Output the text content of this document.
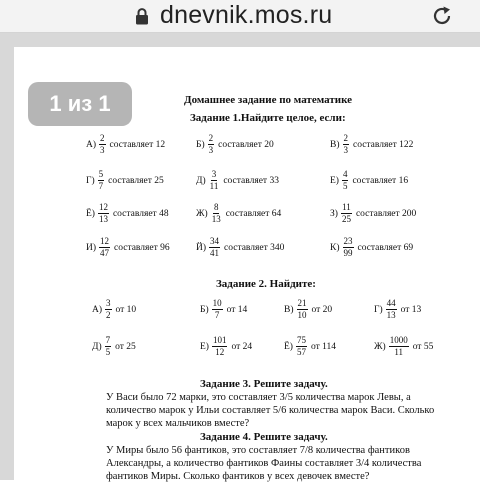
dnevnik.mos.ru
Домашнее задание по математике
Задание 1.Найдите целое, если:
$А) \frac{2}{3}$ составляет 12	$Б) \frac{2}{3}$ составляет 20	$В) \frac{2}{3}$ составляет 122
$Г) \frac{5}{7}$ составляет 25	$Д) \frac{3}{11}$ составляет 33	$Е) \frac{4}{5}$ составляет 16
$Ё) \frac{12}{13}$ составляет 48	$Ж) \frac{8}{13}$ составляет 64	$З) \frac{11}{25}$ составляет 200
$И) \frac{12}{47}$ составляет 96	$Й) \frac{34}{41}$ составляет 340	$К) \frac{23}{99}$ составляет 69
Задание 2. Найдите:
$А) \frac{3}{2}$ от 10	$Б) \frac{10}{7}$ от 14	$В) \frac{21}{10}$ от 20	$Г) \frac{44}{13}$ от 13
$Д) \frac{7}{5}$ от 25	$Е) \frac{101}{12}$ от 24	$Ё) \frac{75}{57}$ от 114	$Ж) \frac{1000}{11}$ от 55
Задание 3. Решите задачу.
У Васи было 72 марки, это составляет 3/5 количества марок Левы, а
количество марок у Ильи составляет 5/6 количества марок Васи. Сколько
марок у всех мальчиков вместе?
Задание 4. Решите задачу.
У Миры было 56 фантиков, это составляет 7/8 количества фантиков
Александры, а количество фантиков Фаины составляет 3/4 количества
фантиков Миры. Сколько фантиков у всех девочек вместе?
1 из 1
